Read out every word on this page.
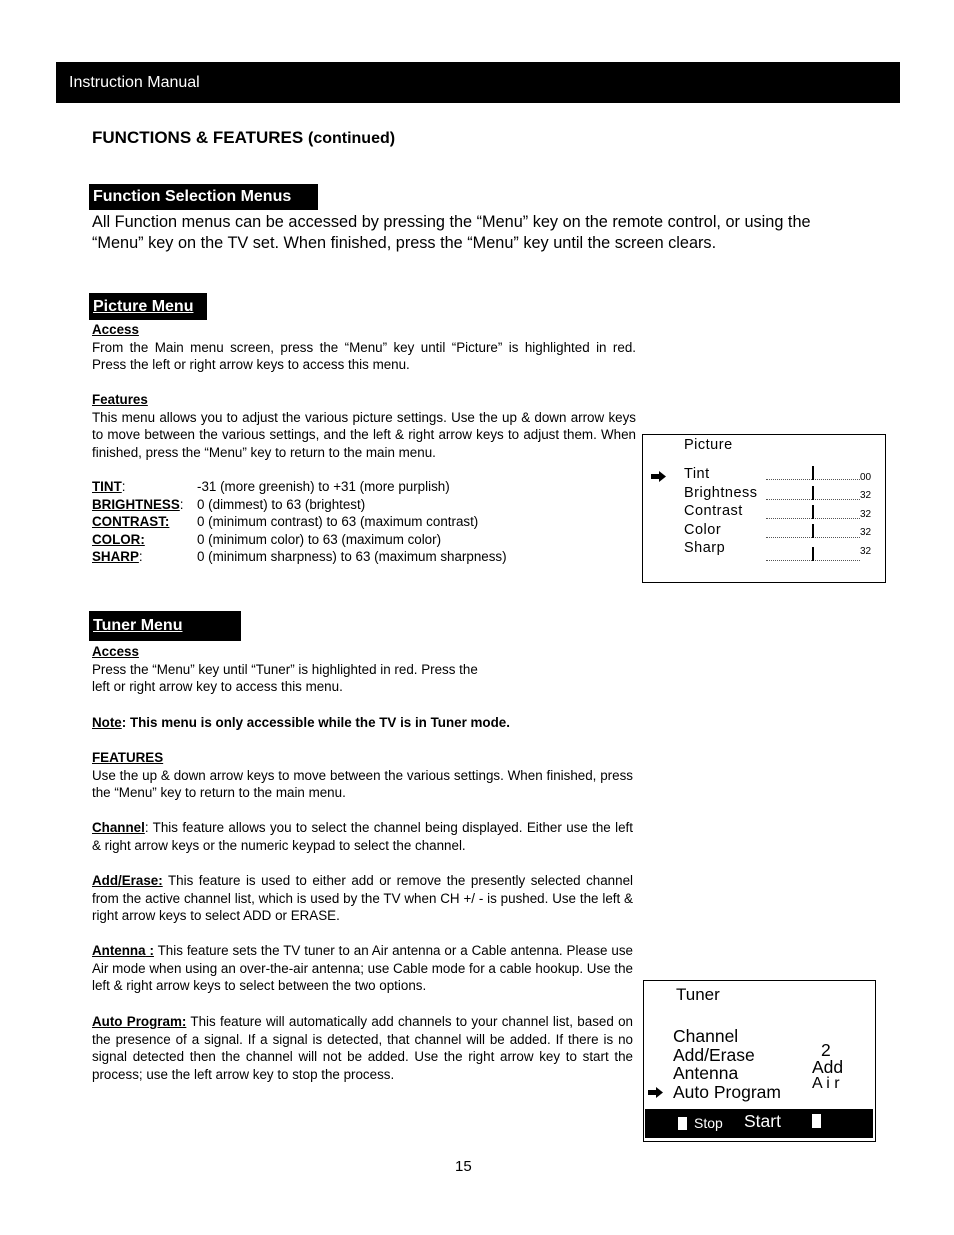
Instruction Manual
FUNCTIONS & FEATURES (continued)
Function Selection Menus
All Function menus can be accessed by pressing the “Menu” key on the remote control, or using the “Menu” key on the TV set. When finished, press the “Menu” key until the screen clears.
Picture Menu
Access
From the Main menu screen, press the “Menu” key until “Picture” is highlighted in red. Press the left or right arrow keys to access this menu.
Features
This menu allows you to adjust the various picture settings. Use the up & down arrow keys to move between the various settings, and the left & right arrow keys to adjust them. When finished, press the “Menu” key to return to the main menu.
TINT:	-31 (more greenish) to +31 (more purplish)
BRIGHTNESS: 0 (dimmest) to 63 (brightest)
CONTRAST: 0 (minimum contrast) to 63 (maximum contrast)
COLOR:	0 (minimum color) to 63 (maximum color)
SHARP:	0 (minimum sharpness) to 63 (maximum sharpness)
Picture
Tint
Brightness
Contrast
Color
Sharp
00
32
32
32
32
Tuner Menu
Access
Press the “Menu” key until “Tuner” is highlighted in red. Press the
left or right arrow key to access this menu.
Note: This menu is only accessible while the TV is in Tuner mode.
FEATURES
Use the up & down arrow keys to move between the various settings. When finished, press the “Menu” key to return to the main menu.
Channel: This feature allows you to select the channel being displayed. Either use the left & right arrow keys or the numeric keypad to select the channel.
Add/Erase: This feature is used to either add or remove the presently selected channel from the active channel list, which is used by the TV when CH +/ - is pushed. Use the left & right arrow keys to select ADD or ERASE.
Antenna : This feature sets the TV tuner to an Air antenna or a Cable antenna. Please use Air mode when using an over-the-air antenna; use Cable mode for a cable hookup. Use the left & right arrow keys to select between the two options.
Auto Program: This feature will automatically add channels to your channel list, based on the presence of a signal. If a signal is detected, that channel will be added. If there is no signal detected then the channel will not be added. Use the right arrow key to start the process; use the left arrow key to stop the process.
Tuner
Channel
Add/Erase
Antenna
Auto Program
2
Add
A i r
Stop Start
15
